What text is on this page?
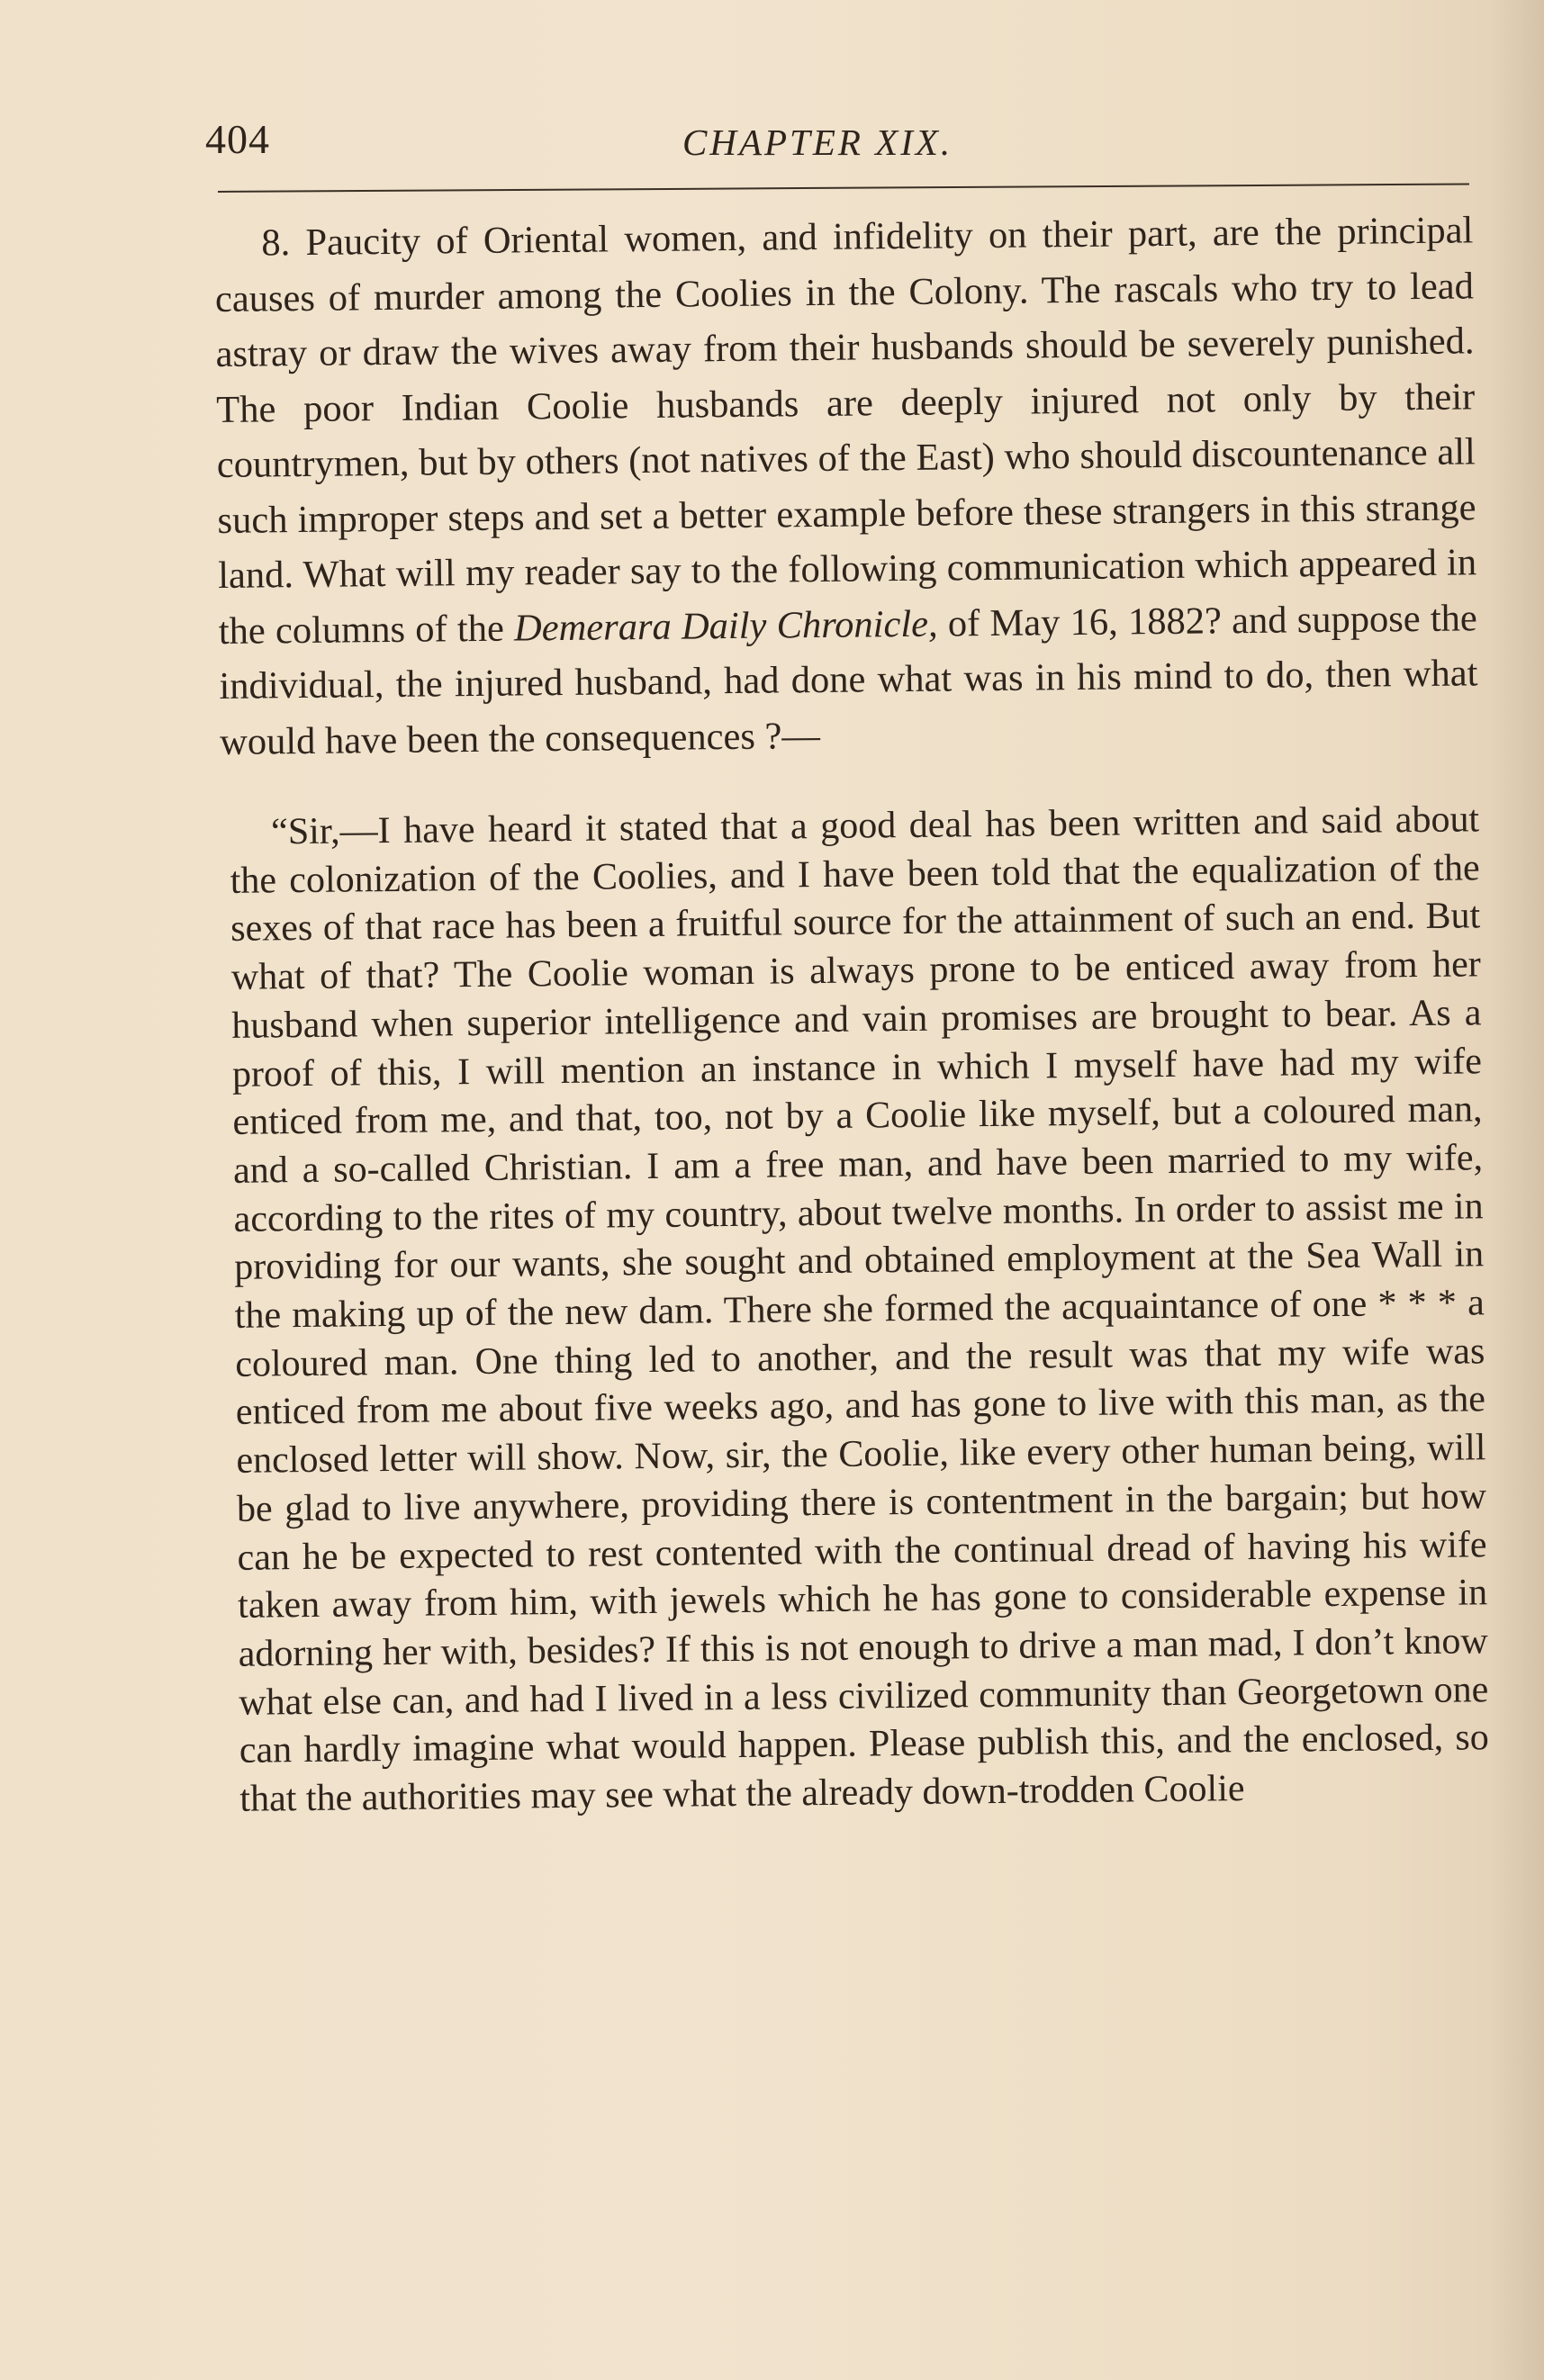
404	CHAPTER XIX.

8. Paucity of Oriental women, and infidelity on their part, are the principal causes of murder among the Coolies in the Colony. The rascals who try to lead astray or draw the wives away from their husbands should be severely punished. The poor Indian Coolie husbands are deeply injured not only by their countrymen, but by others (not natives of the East) who should discountenance all such improper steps and set a better example before these strangers in this strange land. What will my reader say to the following communication which appeared in the columns of the Demerara Daily Chronicle, of May 16, 1882? and suppose the individual, the injured husband, had done what was in his mind to do, then what would have been the consequences ?—

“Sir,—I have heard it stated that a good deal has been written and said about the colonization of the Coolies, and I have been told that the equalization of the sexes of that race has been a fruitful source for the attainment of such an end. But what of that? The Coolie woman is always prone to be enticed away from her husband when superior intelligence and vain promises are brought to bear. As a proof of this, I will mention an instance in which I myself have had my wife enticed from me, and that, too, not by a Coolie like myself, but a coloured man, and a so-called Christian. I am a free man, and have been married to my wife, according to the rites of my country, about twelve months. In order to assist me in providing for our wants, she sought and obtained employment at the Sea Wall in the making up of the new dam. There she formed the acquaintance of one * * * a coloured man. One thing led to another, and the result was that my wife was enticed from me about five weeks ago, and has gone to live with this man, as the enclosed letter will show. Now, sir, the Coolie, like every other human being, will be glad to live anywhere, providing there is contentment in the bargain; but how can he be expected to rest contented with the continual dread of having his wife taken away from him, with jewels which he has gone to considerable expense in adorning her with, besides? If this is not enough to drive a man mad, I don’t know what else can, and had I lived in a less civilized community than Georgetown one can hardly imagine what would happen. Please publish this, and the enclosed, so that the authorities may see what the already down-trodden Coolie
